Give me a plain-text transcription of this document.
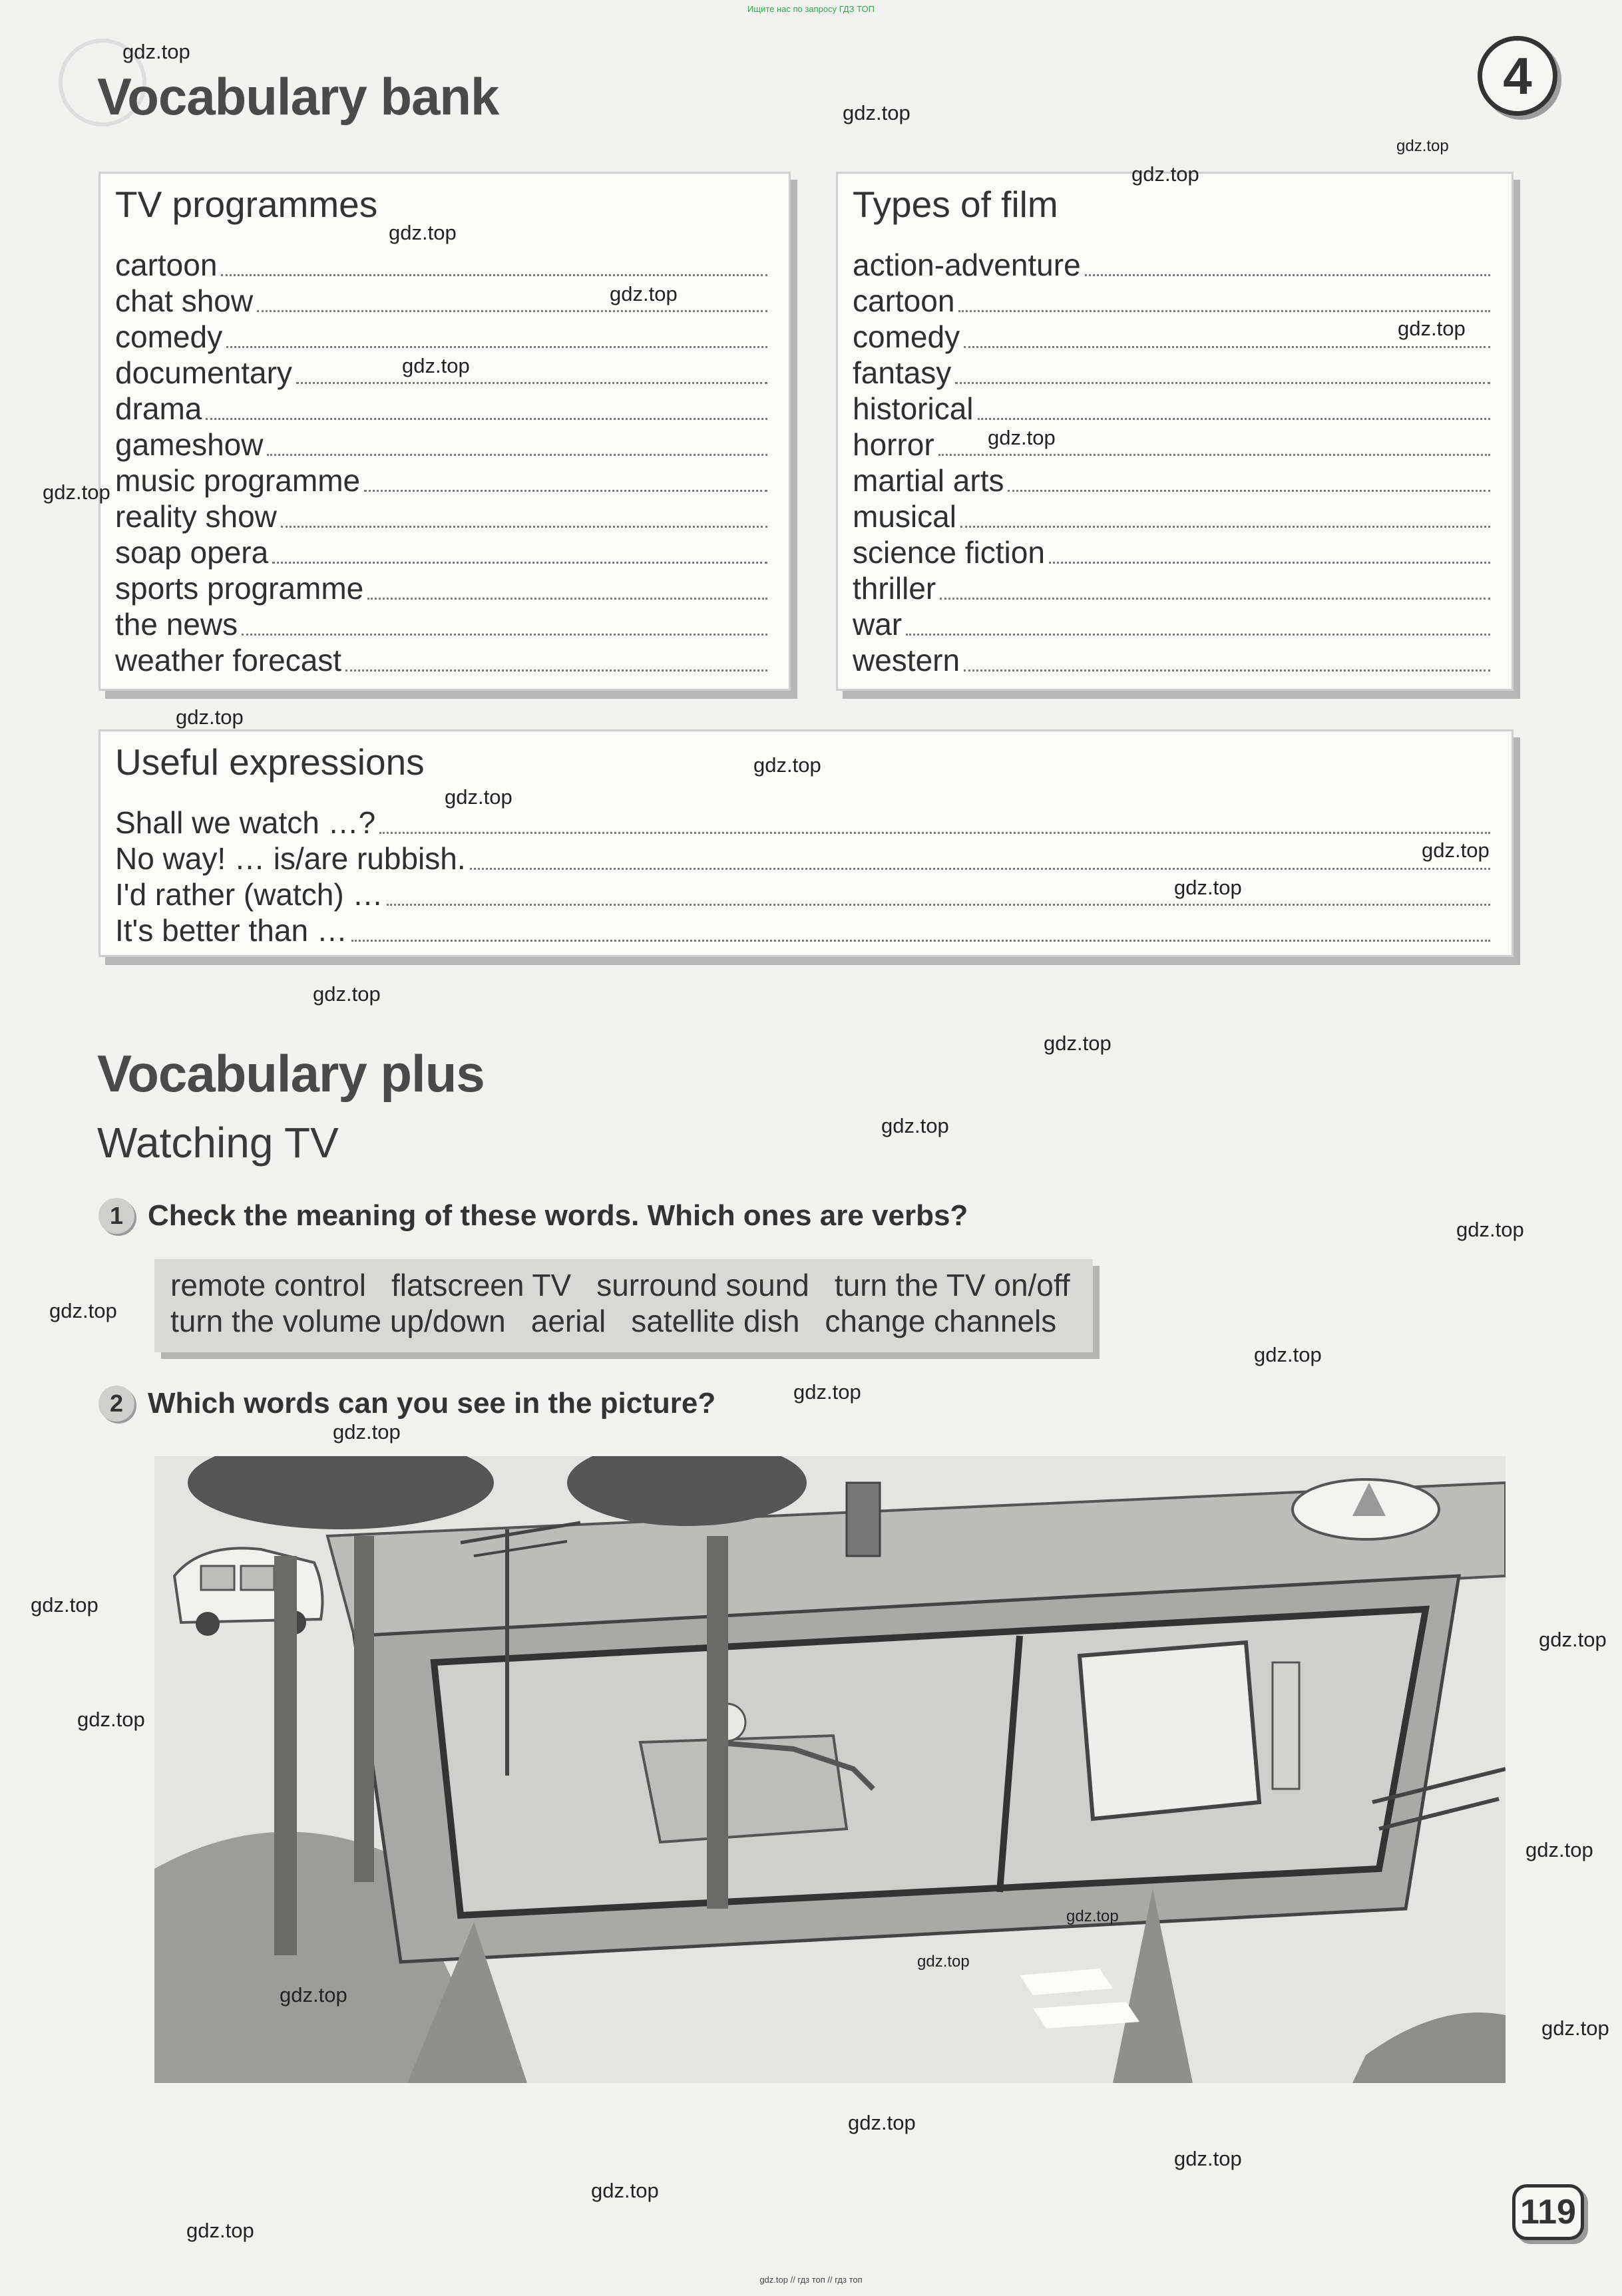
Ищите нас по запросу ГДЗ ТОП
4
Vocabulary bank
TV programmes
cartoon
chat show
comedy
documentary
drama
gameshow
music programme
reality show
soap opera
sports programme
the news
weather forecast
Types of film
action-adventure
cartoon
comedy
fantasy
historical
horror
martial arts
musical
science fiction
thriller
war
western
Useful expressions
Shall we watch …?
No way! … is/are rubbish.
I'd rather (watch) …
It's better than …
Vocabulary plus
Watching TV
1 Check the meaning of these words. Which ones are verbs?
remote control flatscreen TV surround sound turn the TV on/off
turn the volume up/down aerial satellite dish change channels
2 Which words can you see in the picture?
119
gdz.top // гдз топ // гдз топ
gdz.top
gdz.top
gdz.top
gdz.top
gdz.top
gdz.top
gdz.top
gdz.top
gdz.top
gdz.top
gdz.top
gdz.top
gdz.top
gdz.top
gdz.top
gdz.top
gdz.top
gdz.top
gdz.top
gdz.top
gdz.top
gdz.top
gdz.top
gdz.top
gdz.top
gdz.top
gdz.top
gdz.top
gdz.top
gdz.top
gdz.top
gdz.top
gdz.top
gdz.top
gdz.top
